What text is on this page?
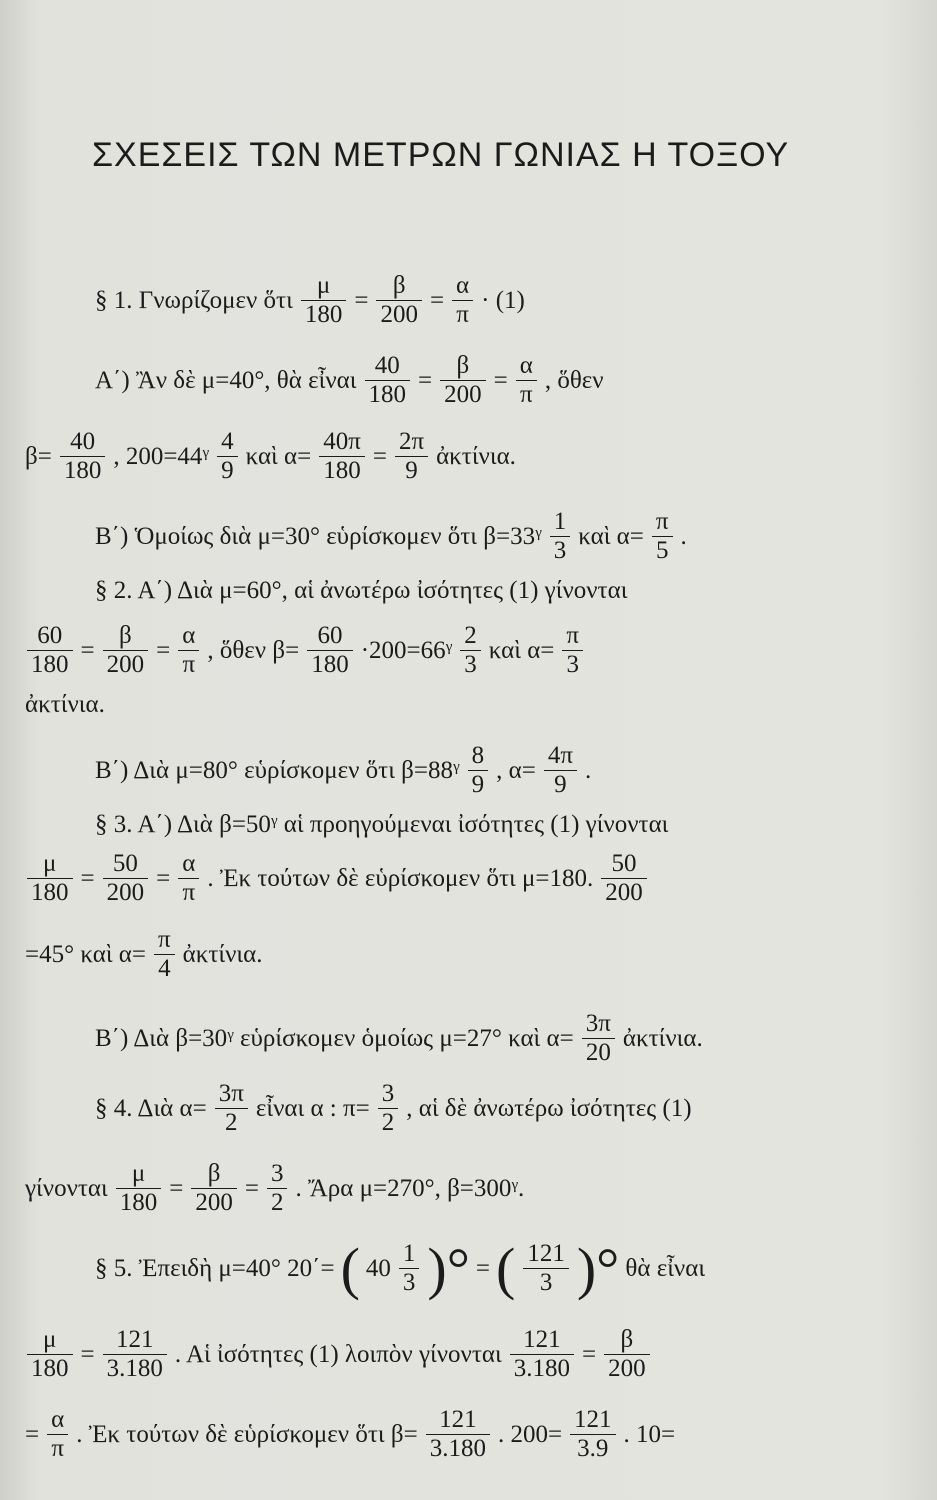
ΣΧΕΣΕΙΣ ΤΩΝ ΜΕΤΡΩΝ ΓΩΝΙΑΣ Η ΤΟΞΟΥ
§ 1. Γνωρίζομεν ὅτι $\frac{\mu}{180} = \frac{\beta}{200} = \frac{\alpha}{\pi} \cdot (1)$
Α΄) Ἂν δὲ μ=40°, θὰ εἶναι $\frac{40}{180} = \frac{\beta}{200} = \frac{\alpha}{\pi}$ , ὅθεν
$\beta= \frac{40}{180}$ , 200=44ᵞ $\frac{4}{9}$ καὶ $\alpha= \frac{40\pi}{180} = \frac{2\pi}{9}$ ἀκτίνια.
Β΄) Ὁμοίως διὰ μ=30° εὑρίσκομεν ὅτι β=33ᵞ $\frac{1}{3}$ καὶ $\alpha= \frac{\pi}{5}$ .
§ 2. Α΄) Διὰ μ=60°, αἱ ἀνωτέρω ἰσότητες (1) γίνονται
$\frac{60}{180} = \frac{\beta}{200} = \frac{\alpha}{\pi}$ , ὅθεν $\beta= \frac{60}{180}$ ·200=66ᵞ $\frac{2}{3}$ καὶ $\alpha= \frac{\pi}{3}$
ἀκτίνια.
Β΄) Διὰ μ=80° εὑρίσκομεν ὅτι β=88ᵞ $\frac{8}{9}$ , $\alpha= \frac{4\pi}{9}$ .
§ 3. Α΄) Διὰ β=50ᵞ αἱ προηγούμεναι ἰσότητες (1) γίνονται
$\frac{\mu}{180} = \frac{50}{200} = \frac{\alpha}{\pi}$ . Ἐκ τούτων δὲ εὑρίσκομεν ὅτι μ=180. $\frac{50}{200}$
=45° καὶ $\alpha= \frac{\pi}{4}$ ἀκτίνια.
Β΄) Διὰ β=30ᵞ εὑρίσκομεν ὁμοίως μ=27° καὶ $\alpha= \frac{3\pi}{20}$ ἀκτίνια.
§ 4. Διὰ $\alpha= \frac{3\pi}{2}$ εἶναι α : $\pi= \frac{3}{2}$ , αἱ δὲ ἀνωτέρω ἰσότητες (1)
γίνονται $\frac{\mu}{180} = \frac{\beta}{200} = \frac{3}{2}$ . Ἄρα μ=270°, β=300ᵞ.
§ 5. Ἐπειδὴ μ=40° 20΄= ( $40 \frac{1}{3}$ )° = ( $\frac{121}{3}$ )° θὰ εἶναι
$\frac{\mu}{180} = \frac{121}{3.180}$ . Αἱ ἰσότητες (1) λοιπὸν γίνονται $\frac{121}{3.180} = \frac{\beta}{200}$
= $\frac{\alpha}{\pi}$ . Ἐκ τούτων δὲ εὑρίσκομεν ὅτι $\beta= \frac{121}{3.180}$ . $200= \frac{121}{3.9}$ . 10=
